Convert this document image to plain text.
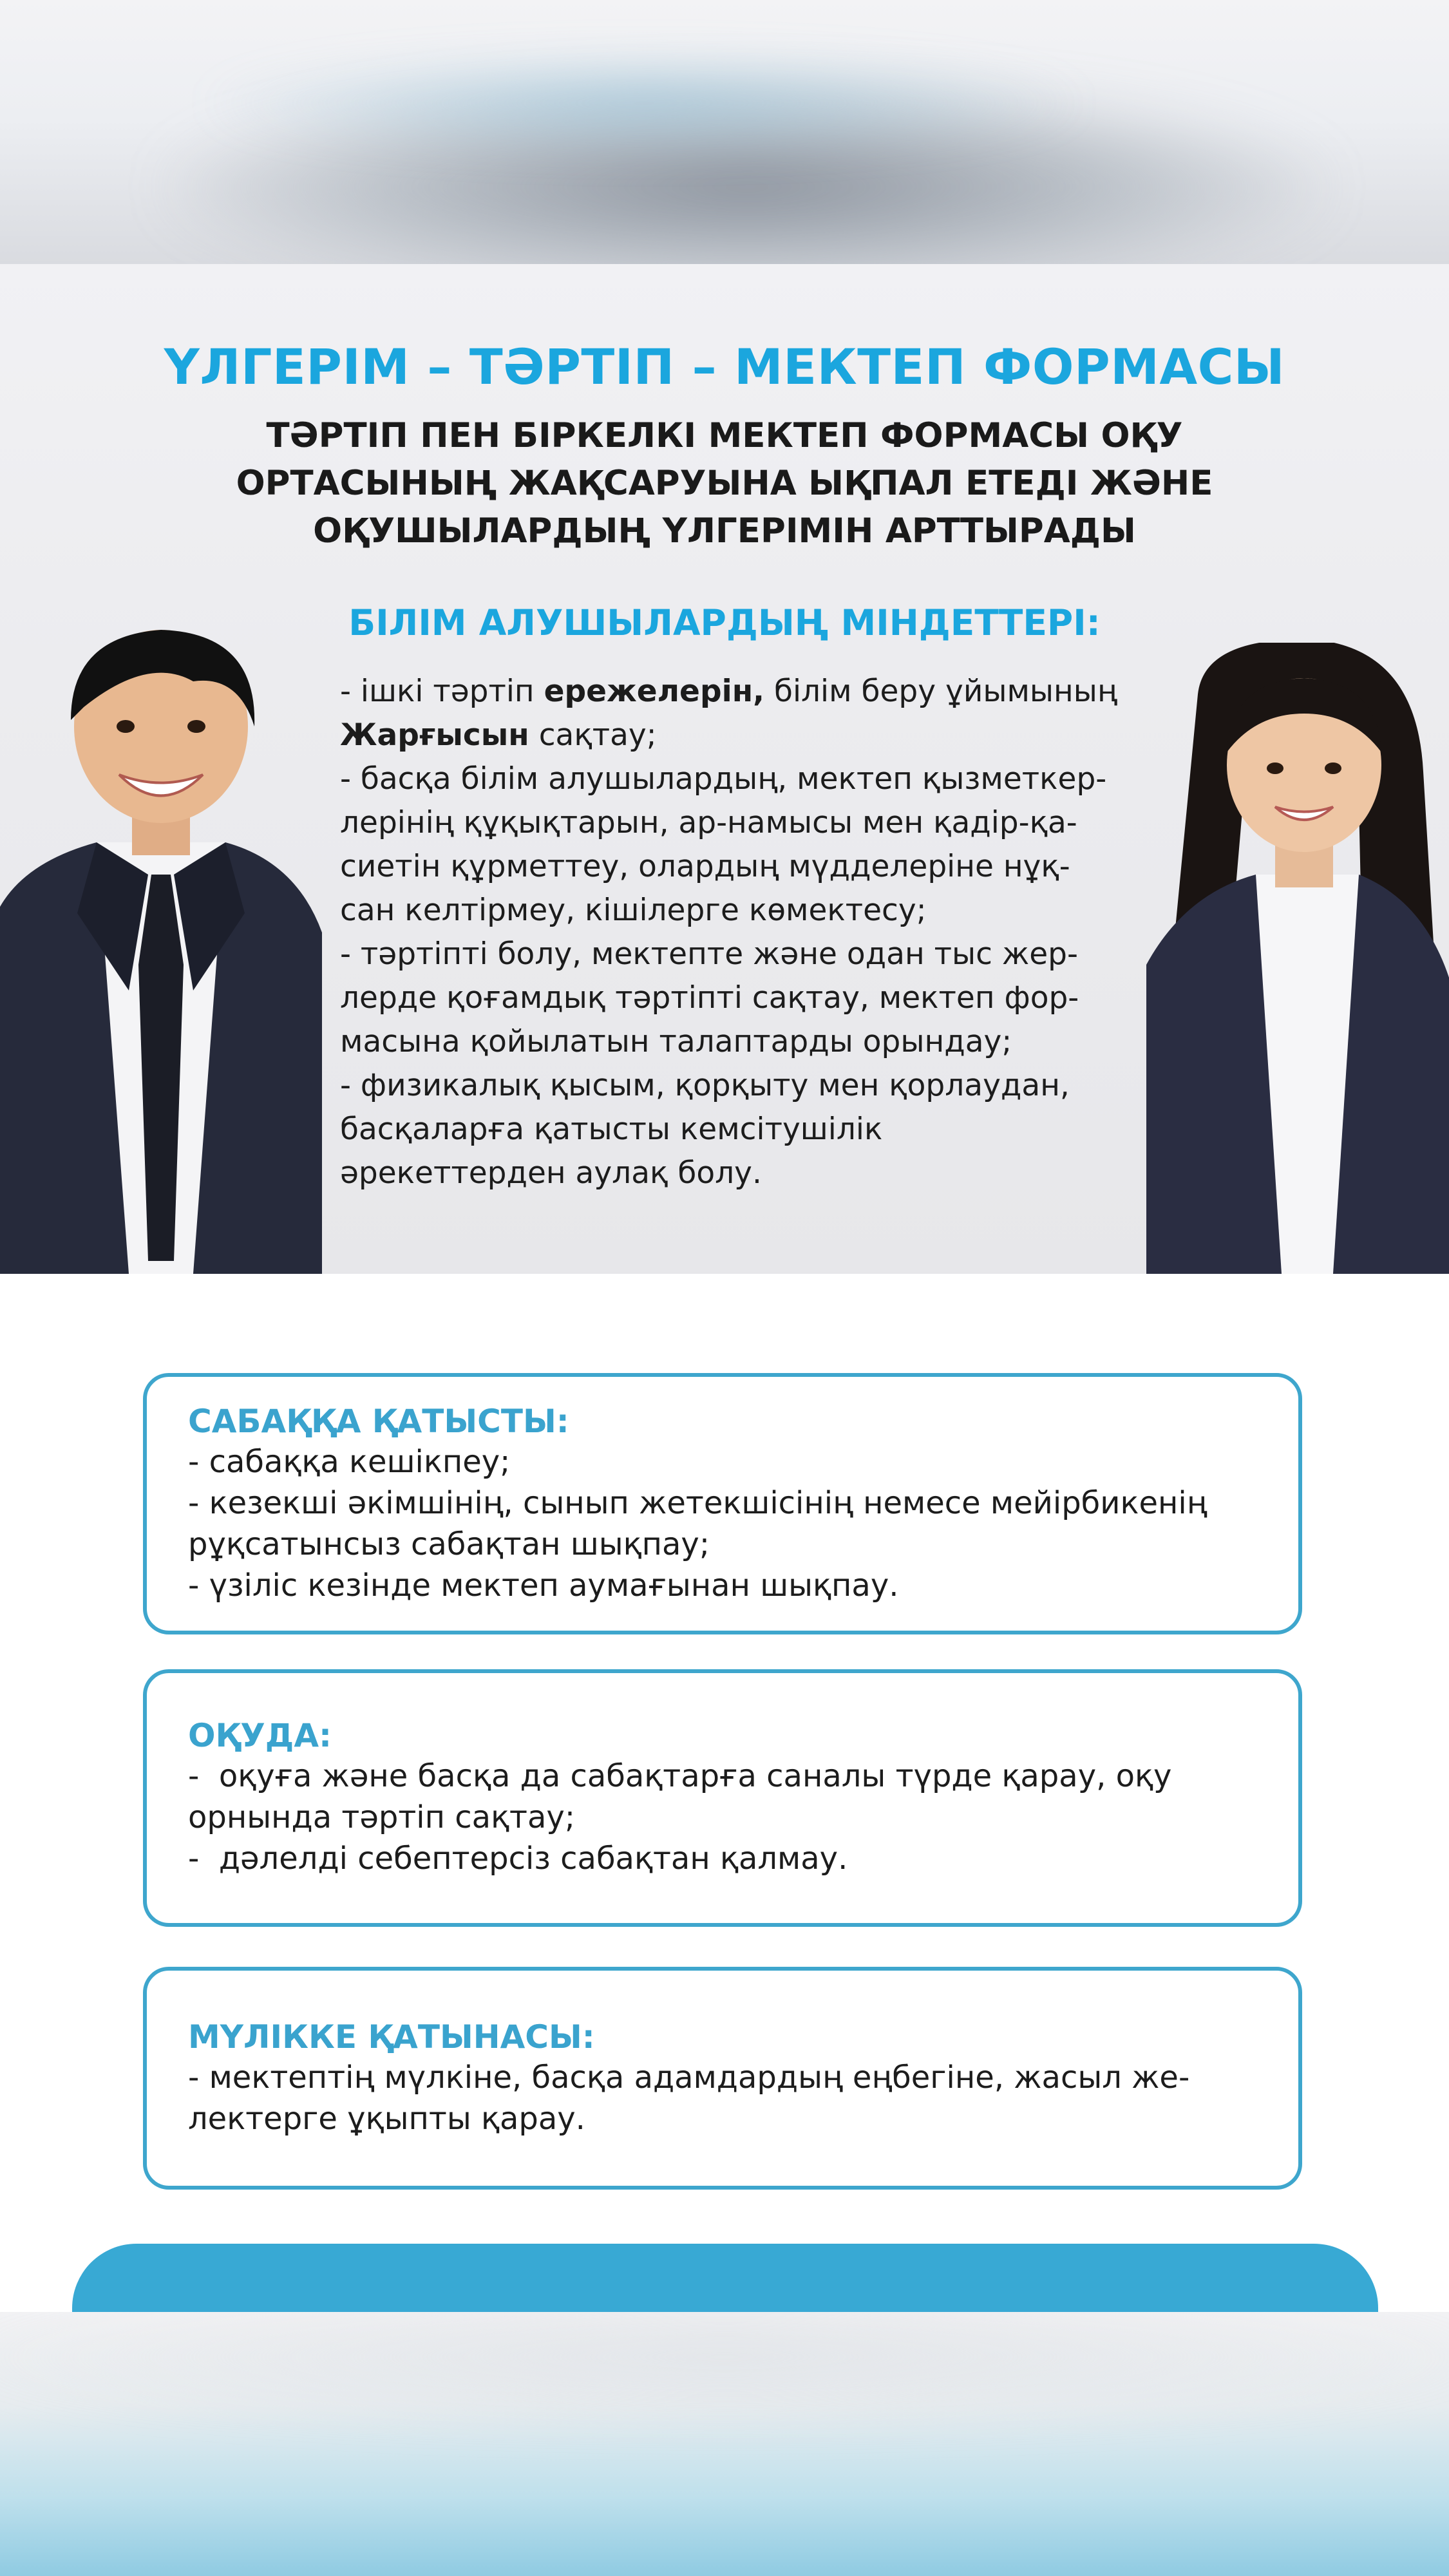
ҮЛГЕРІМ – ТӘРТІП – МЕКТЕП ФОРМАСЫ
ТӘРТІП ПЕН БІРКЕЛКІ МЕКТЕП ФОРМАСЫ ОҚУ
ОРТАСЫНЫҢ ЖАҚСАРУЫНА ЫҚПАЛ ЕТЕДІ ЖӘНЕ
ОҚУШЫЛАРДЫҢ ҮЛГЕРІМІН АРТТЫРАДЫ
БІЛІМ АЛУШЫЛАРДЫҢ МІНДЕТТЕРІ:
- ішкі тәртіп ережелерін, білім беру ұйымының
Жарғысын сақтау;
- басқа білім алушылардың, мектеп қызметкер-
лерінің құқықтарын, ар-намысы мен қадір-қа-
сиетін құрметтеу, олардың мүдделеріне нұқ-
сан келтірмеу, кішілерге көмектесу;
- тәртіпті болу, мектепте және одан тыс жер-
лерде қоғамдық тәртіпті сақтау, мектеп фор-
масына қойылатын талаптарды орындау;
- физикалық қысым, қорқыту мен қорлаудан,
басқаларға қатысты кемсітушілік
әрекеттерден аулақ болу.
САБАҚҚА ҚАТЫСТЫ:
- сабаққа кешікпеу;
- кезекші әкімшінің, сынып жетекшісінің немесе мейірбикенің
рұқсатынсыз сабақтан шықпау;
- үзіліс кезінде мектеп аумағынан шықпау.
ОҚУДА:
-  оқуға және басқа да сабақтарға саналы түрде қарау, оқу
орнында тәртіп сақтау;
-  дәлелді себептерсіз сабақтан қалмау.
МҮЛІККЕ ҚАТЫНАСЫ:
- мектептің мүлкіне, басқа адамдардың еңбегіне, жасыл же-
лектерге ұқыпты қарау.
